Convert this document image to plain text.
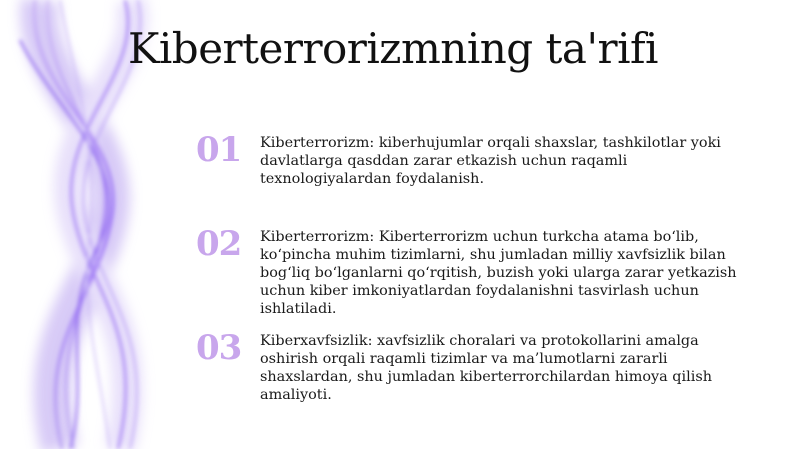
Kiberterrorizmning ta'rifi
01	Kiberterrorizm: kiberhujumlar orqali shaxslar, tashkilotlar yoki davlatlarga qasddan zarar etkazish uchun raqamli texnologiyalardan foydalanish.
02	Kiberterrorizm: Kiberterrorizm uchun turkcha atama bo‘lib, ko‘pincha muhim tizimlarni, shu jumladan milliy xavfsizlik bilan bog‘liq bo‘lganlarni qo‘rqitish, buzish yoki ularga zarar yetkazish uchun kiber imkoniyatlardan foydalanishni tasvirlash uchun ishlatiladi.
03	Kiberxavfsizlik: xavfsizlik choralari va protokollarini amalga oshirish orqali raqamli tizimlar va ma’lumotlarni zararli shaxslardan, shu jumladan kiberterrorchilardan himoya qilish amaliyoti.
